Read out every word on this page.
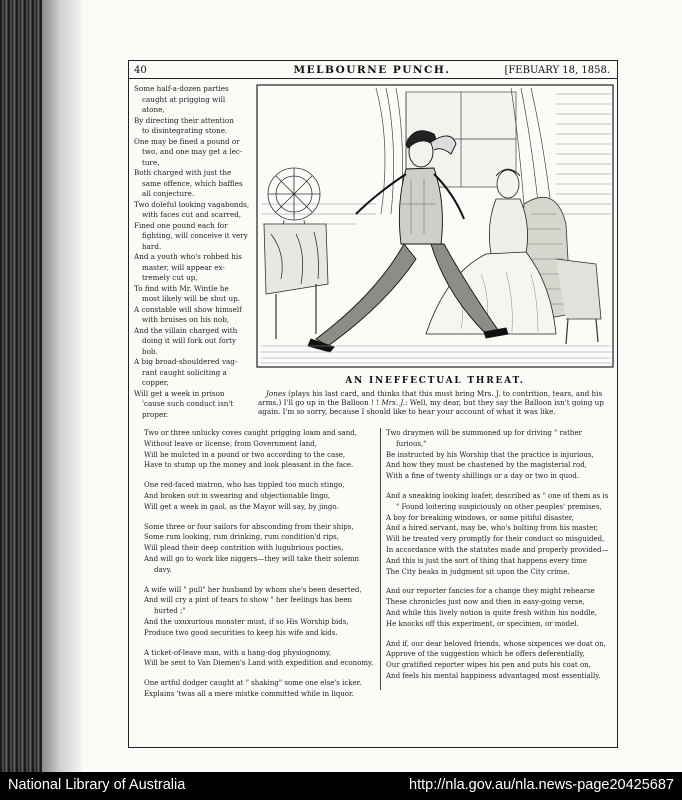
40	MELBOURNE PUNCH.	[FEBUARY 18, 1858.
Some half-a-dozen parties
caught at prigging will
atone,
By directing their attention
to disintegrating stone.
One may be fined a pound or
two, and one may get a lec-
ture,
Both charged with just the
same offence, which baffles
all conjecture.
Two doleful looking vagabonds,
with faces cut and scarred,
Fined one pound each for
fighting, will conceive it very
hard.
And a youth who's robbed his
master, will appear ex-
tremely cut up,
To find with Mr. Wintle he
most likely will be shut up.
A constable will show himself
with bruises on his nob,
And the villain charged with
doing it will fork out forty
bob.
A big broad-shouldered vag-
rant caught soliciting a
copper,
Will get a week in prison
'cause such conduct isn't
proper.
AN INEFFECTUAL THREAT.
Jones (plays his last card, and thinks that this must bring Mrs. J. to contrition, tears, and his arms.) I'll go up in the Balloon ! ! Mrs. J.: Well, my dear, but they say the Balloon isn't going up again. I'm so sorry, because I should like to hear your account of what it was like.
Two or three unlucky coves caught prigging loam and sand,
Without leave or license, from Government land,
Will be mulcted in a pound or two according to the case,
Have to stump up the money and look pleasant in the face.
One red-faced matron, who has tippled too much stingo,
And broken out in swearing and objectionable lingo,
Will get a week in gaol, as the Mayor will say, by jingo.
Some three or four sailors for absconding from their ships,
Some rum looking, rum drinking, rum condition'd rips,
Will plead their deep contrition with lugubrious pocties,
And will go to work like niggers—they will take their solemn
davy.
A wife will " pull" her husband by whom she's been deserted,
And will cry a pint of tears to show " her feelings has been
hurted ;"
And the uxuxurious monster must, if so His Worship bids,
Produce two good securities to keep his wife and kids.
A ticket-of-leave man, with a hang-dog physiognomy,
Will be sent to Van Diemen's Land with expedition and economy.
One artful dodger caught at " shaking" some one else's icker.
Explains 'twas all a mere mistke committed while in liquor.
Two draymen will be summoned up for driving " rather
furious,"
Be instructed by his Worship that the practice is injurious,
And how they must be chastened by the magisterial rod,
With a fine of twenty shillings or a day or two in quod.
And a sneaking looking loafer, described as " one of them as is
" Found loitering suspiciously on other peoples' premises,
A boy for breaking windows, or some pitiful disaster,
And a hired servant, may be, who's bolting from his master,
Will be treated very promptly for their conduct so misguided,
In accordance with the statutes made and properly provided—
And this is just the sort of thing that happens every time
The City beaks in judgment sit upon the City crime.
And our reporter fancies for a change they might rehearse
These chronicles just now and then in easy-going verse,
And while this lively notion is quite fresh within his noddle,
He knocks off this experiment, or specimen, or model.
And if, our dear beloved friends, whose sixpences we doat on,
Approve of the suggestion which he offers deferentially,
Our gratified reporter wipes his pen and puts his coat on,
And feels his mental happiness advantaged most essentially.
National Library of Australia	http://nla.gov.au/nla.news-page20425687
